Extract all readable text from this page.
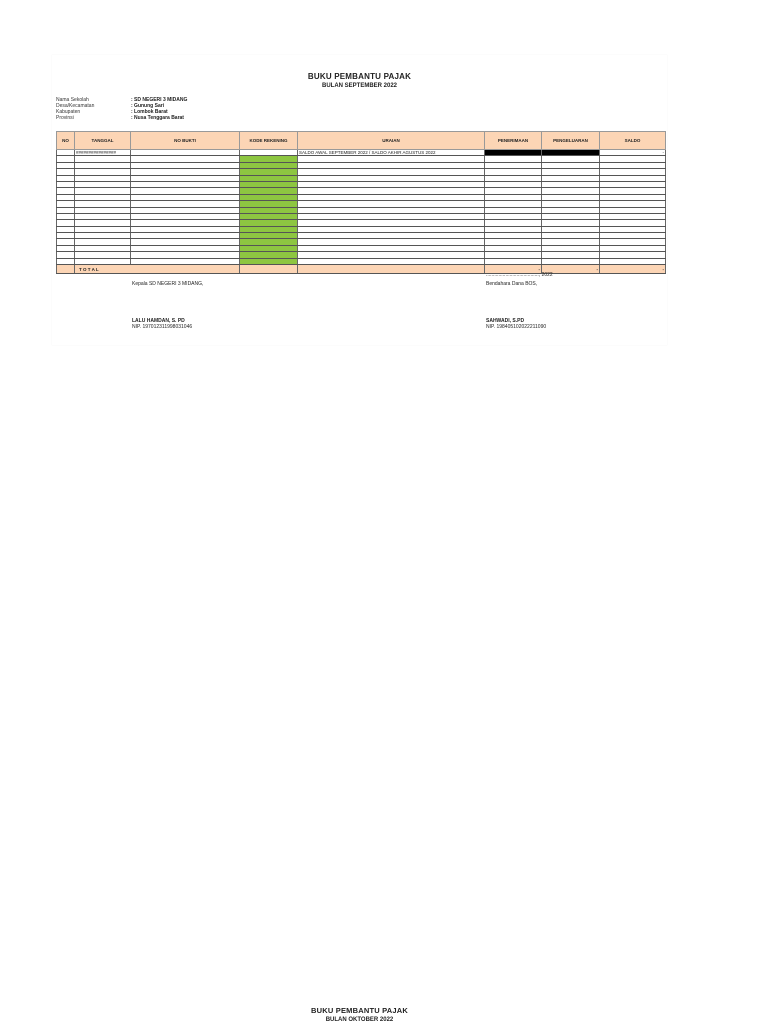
BUKU PEMBANTU PAJAK
BULAN SEPTEMBER 2022
Nama Sekolah	: SD NEGERI 3 MIDANG
Desa/Kecamatan	: Gunung Sari
Kabupaten	: Lombok Barat
Provinsi	: Nusa Tenggara Barat
NO	TANGGAL	NO BUKTI	KODE REKENING	URAIAN	PENERIMAAN	PENGELUARAN	SALDO
	################			SALDO AWAL SEPTEMBER 2022 / SALDO AKHIR AGUSTUS 2022			-

	T O T A L				-	-	-
......................................, 2022
Kepala SD NEGERI 3 MIDANG,	Bendahara Dana BOS,
LALU HAMDAN, S. PD
NIP. 197012311998031046
SAHWADI, S.PD
NIP. 198405102022211090
BUKU PEMBANTU PAJAK
BULAN OKTOBER 2022
